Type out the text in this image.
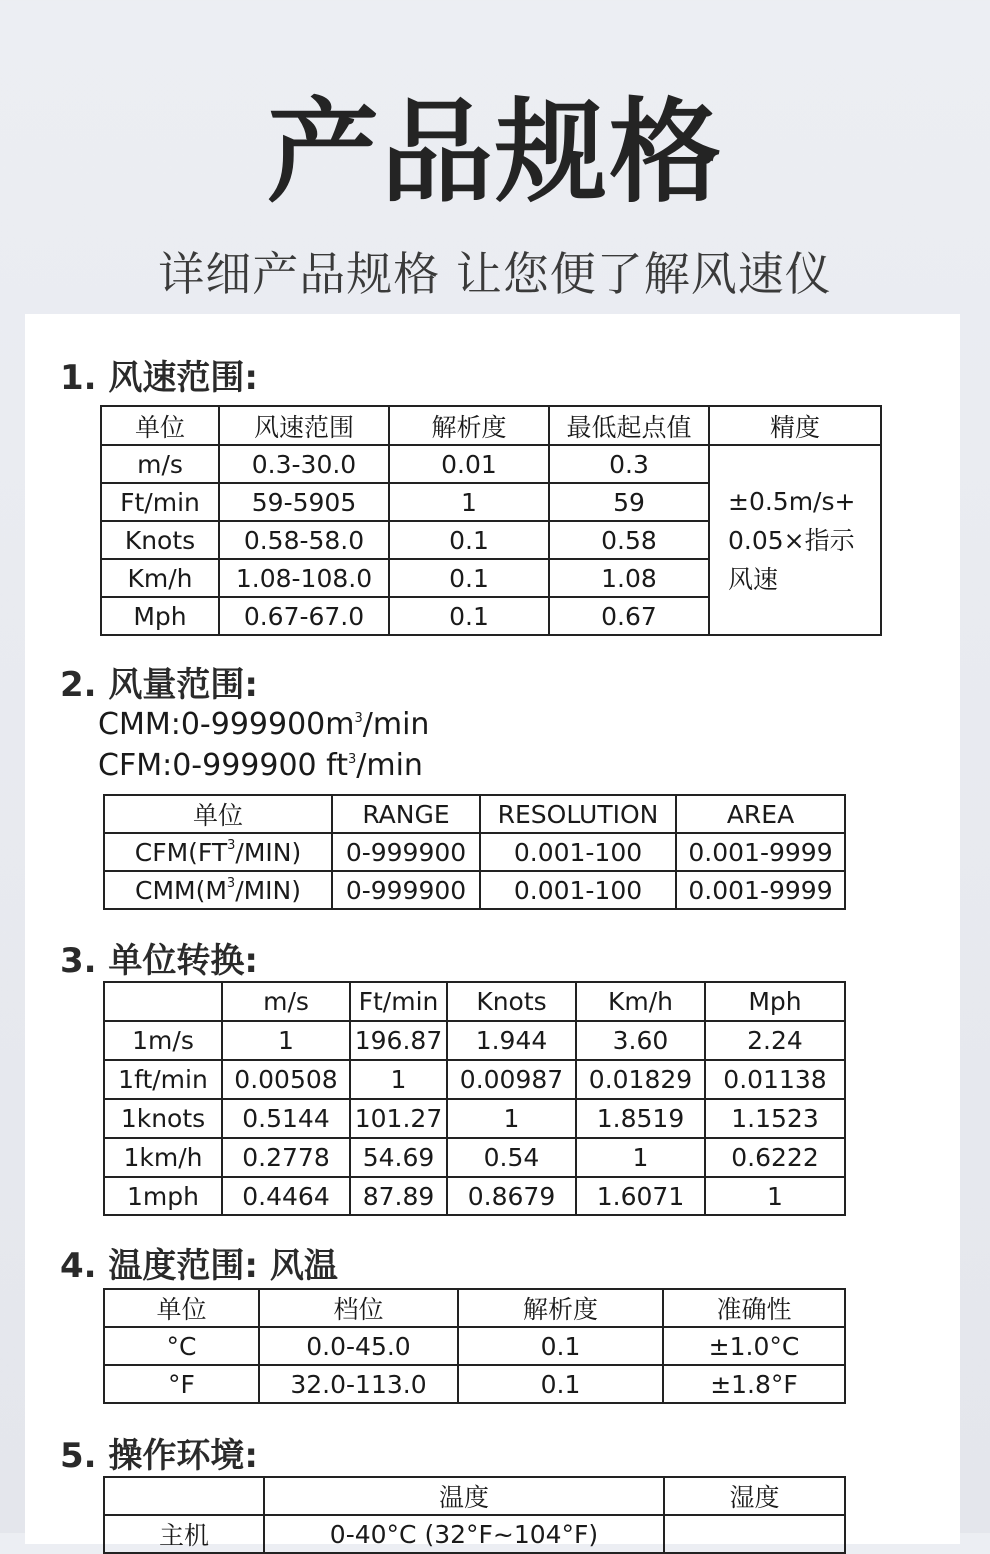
产品规格
详细产品规格 让您便了解风速仪
1. 风速范围:
单位	风速范围	解析度	最低起点值	精度
m/s	0.3-30.0	0.01	0.3	±0.5m/s+
0.05×指示
风速

Ft/min	59-5905	1	59	
Knots	0.58-58.0	0.1	0.58	
Km/h	1.08-108.0	0.1	1.08	
Mph	0.67-67.0	0.1	0.67	
2. 风量范围:
$CMM:0-999900m^3/\min$
CFM:0-999900 $ft^3/\min$
单位	RANGE	RESOLUTION	AREA
$CFM(FT^3/MIN)$	0-999900	0.001-100	0.001-9999
$CMM(M^3/MIN)$	0-999900	0.001-100	0.001-9999
3. 单位转换:
	m/s	Ft/min	Knots	Km/h	Mph
1m/s	1	196.87	1.944	3.60	2.24
1ft/min	0.00508	1	0.00987	0.01829	0.01138
1knots	0.5144	101.27	1	1.8519	1.1523
1km/h	0.2778	54.69	0.54	1	0.6222
1mph	0.4464	87.89	0.8679	1.6071	1
4. 温度范围: 风温
单位	档位	解析度	准确性
°C	0.0-45.0	0.1	±1.0°C
°F	32.0-113.0	0.1	±1.8°F
5. 操作环境:
	温度	湿度
主机	0-40°C (32°F~104°F)	
